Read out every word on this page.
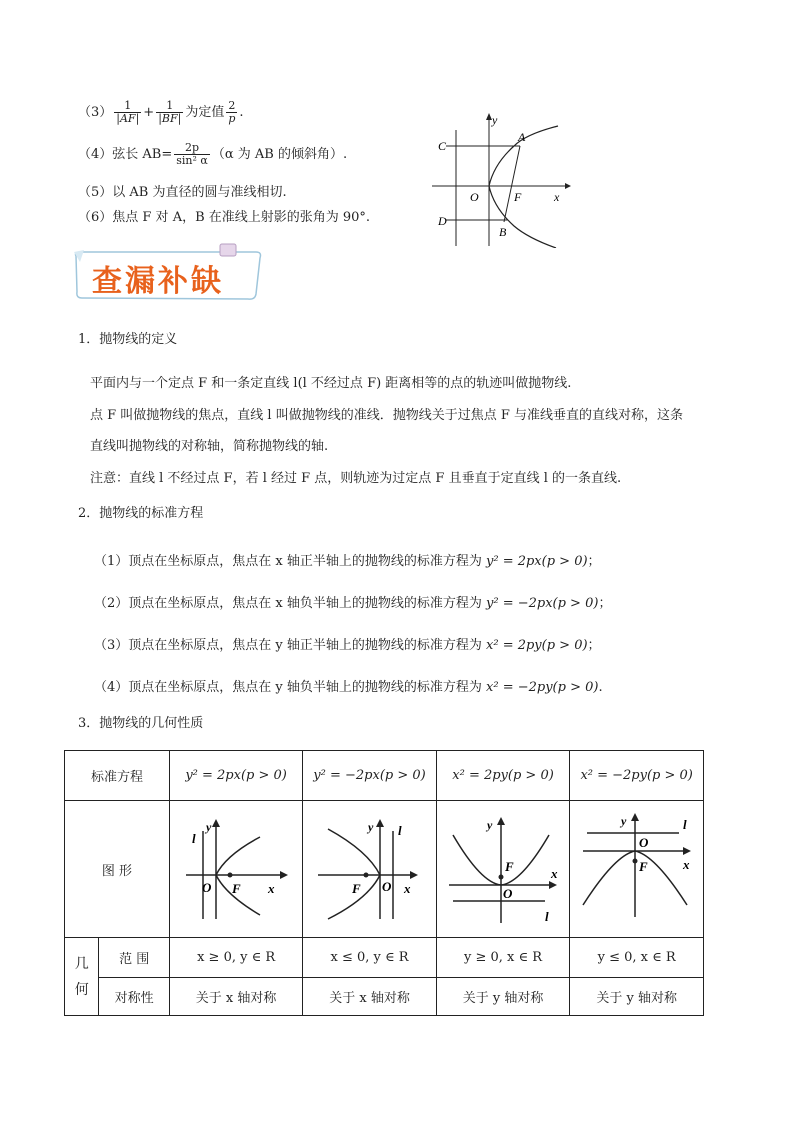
$(3) \frac{1}{|AF|} + \frac{1}{|BF|}$ 为定值 $\frac{2}{p}$ .
（4）弦长 $AB= \frac{2p}{\text{sin² α}} (\alpha$ 为 AB 的倾斜角）.
（5）以 AB 为直径的圆与准线相切.
（6）焦点 F 对 A，B 在准线上射影的张角为 90°.
y
x
A
B
C
D
O	F
查漏补缺
1．抛物线的定义
平面内与一个定点 F 和一条定直线 l(l 不经过点 F) 距离相等的点的轨迹叫做抛物线.
点 F 叫做抛物线的焦点，直线 l 叫做抛物线的准线．抛物线关于过焦点 F 与准线垂直的直线对称，这条
直线叫抛物线的对称轴，简称抛物线的轴.
注意：直线 l 不经过点 F，若 l 经过 F 点，则轨迹为过定点 F 且垂直于定直线 l 的一条直线.
2．抛物线的标准方程
（1）顶点在坐标原点，焦点在 x 轴正半轴上的抛物线的标准方程为 y² = 2px(p > 0)；
（2）顶点在坐标原点，焦点在 x 轴负半轴上的抛物线的标准方程为 y² = −2px(p > 0)；
（3）顶点在坐标原点，焦点在 y 轴正半轴上的抛物线的标准方程为 x² = 2py(p > 0)；
（4）顶点在坐标原点，焦点在 y 轴负半轴上的抛物线的标准方程为 x² = −2py(p > 0).
3．抛物线的几何性质
标准方程		y² = 2px(p > 0)	y² = −2px(p > 0)	x² = 2py(p > 0)	x² = −2py(p > 0)
图 形		l
y
O F x	l
y
O
F x	y
F
O
x
l	y
O
F
l
x

几何	范 围	x ≥ 0, y ∈ R	x ≤ 0, y ∈ R	y ≥ 0, x ∈ R	y ≤ 0, x ∈ R
	对称性	关于 x 轴对称	关于 x 轴对称	关于 y 轴对称	关于 y 轴对称
